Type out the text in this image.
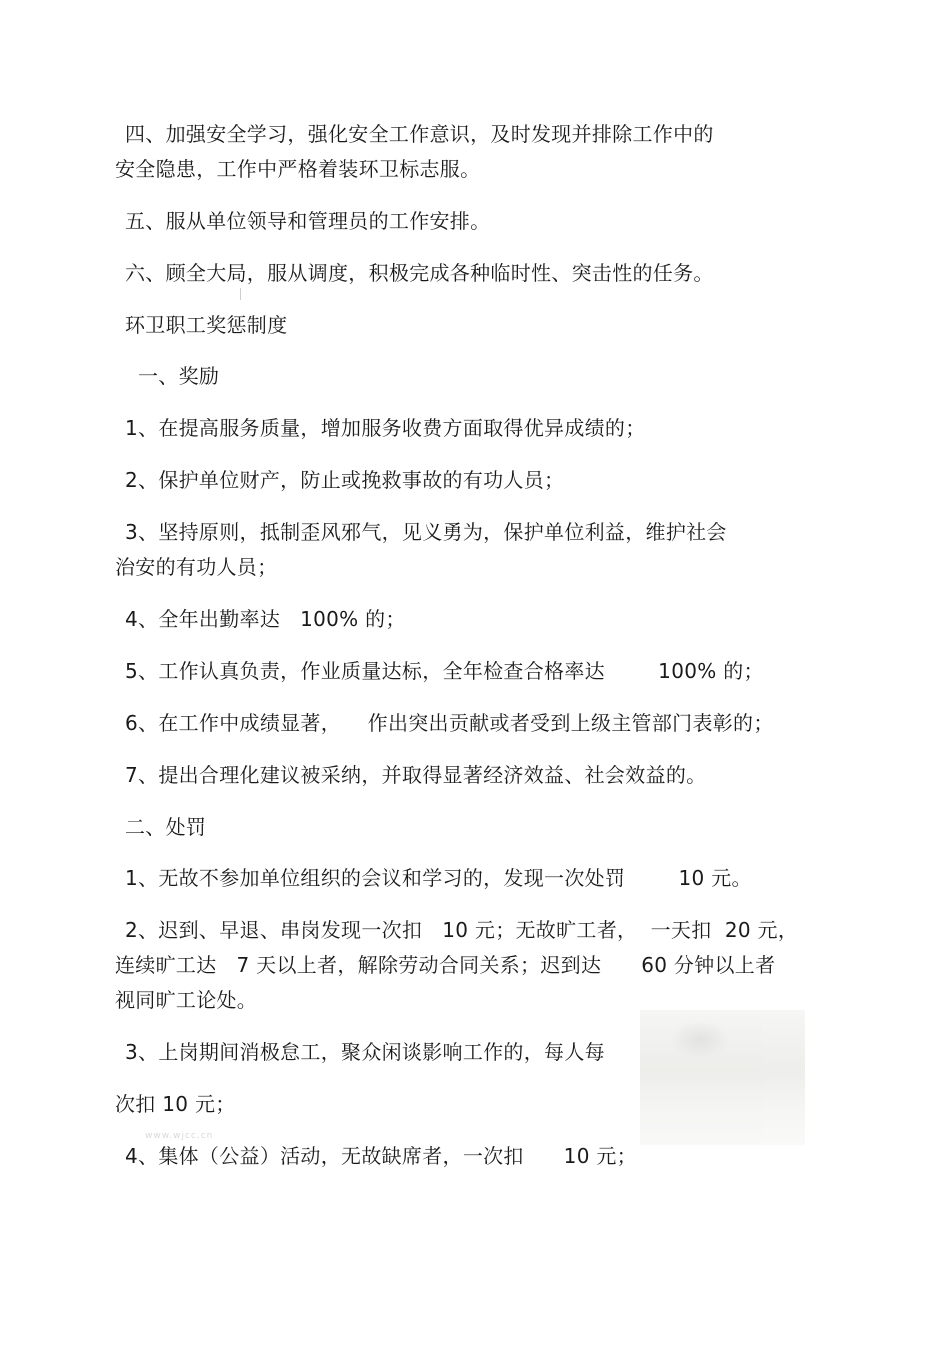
www.wjcc.cn
四、加强安全学习，强化安全工作意识，及时发现并排除工作中的
安全隐患，工作中严格着装环卫标志服。
五、服从单位领导和管理员的工作安排。
六、顾全大局，服从调度，积极完成各种临时性、突击性的任务。
环卫职工奖惩制度
一、奖励
1、在提高服务质量，增加服务收费方面取得优异成绩的；
2、保护单位财产，防止或挽救事故的有功人员；
3、坚持原则，抵制歪风邪气，见义勇为，保护单位利益，维护社会
治安的有功人员；
4、全年出勤率达   100% 的；
5、工作认真负责，作业质量达标，全年检查合格率达        100% 的；
6、在工作中成绩显著，    作出突出贡献或者受到上级主管部门表彰的；
7、提出合理化建议被采纳，并取得显著经济效益、社会效益的。
二、处罚
1、无故不参加单位组织的会议和学习的，发现一次处罚        10 元。
2、迟到、早退、串岗发现一次扣   10 元；无故旷工者，  一天扣  20 元，
连续旷工达   7 天以上者，解除劳动合同关系；迟到达      60 分钟以上者
视同旷工论处。
3、上岗期间消极怠工，聚众闲谈影响工作的，每人每
次扣 10 元；
4、集体（公益）活动，无故缺席者，一次扣      10 元；
